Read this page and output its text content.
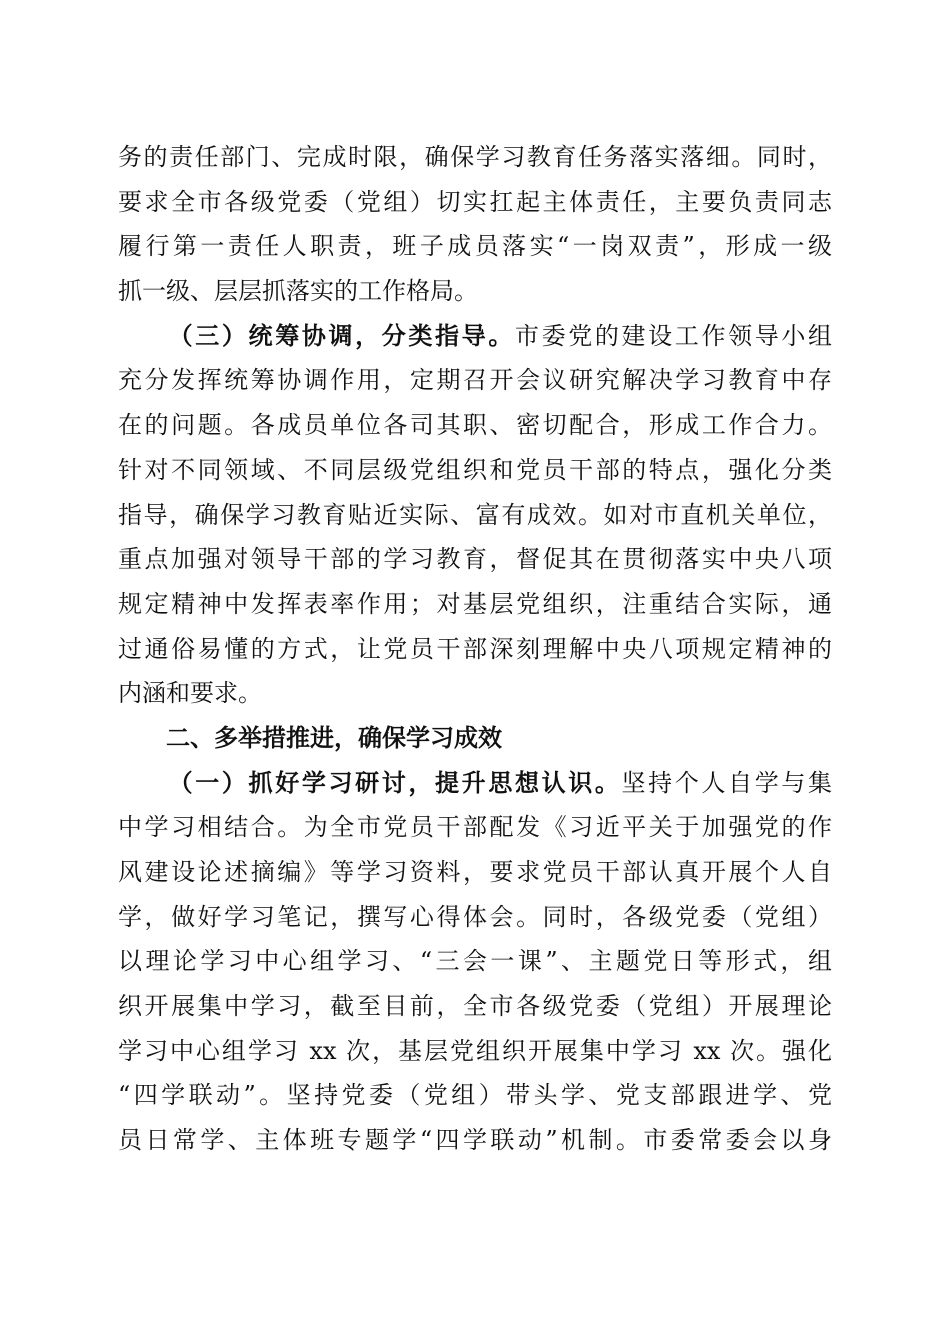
务的责任部门、完成时限，确保学习教育任务落实落细。同时，
要求全市各级党委（党组）切实扛起主体责任，主要负责同志
履行第一责任人职责，班子成员落实“一岗双责”，形成一级
抓一级、层层抓落实的工作格局。
（三）统筹协调，分类指导。市委党的建设工作领导小组
充分发挥统筹协调作用，定期召开会议研究解决学习教育中存
在的问题。各成员单位各司其职、密切配合，形成工作合力。
针对不同领域、不同层级党组织和党员干部的特点，强化分类
指导，确保学习教育贴近实际、富有成效。如对市直机关单位，
重点加强对领导干部的学习教育，督促其在贯彻落实中央八项
规定精神中发挥表率作用；对基层党组织，注重结合实际，通
过通俗易懂的方式，让党员干部深刻理解中央八项规定精神的
内涵和要求。
二、多举措推进，确保学习成效
（一）抓好学习研讨，提升思想认识。坚持个人自学与集
中学习相结合。为全市党员干部配发《习近平关于加强党的作
风建设论述摘编》等学习资料，要求党员干部认真开展个人自
学，做好学习笔记，撰写心得体会。同时，各级党委（党组）
以理论学习中心组学习、“三会一课”、主题党日等形式，组
织开展集中学习，截至目前，全市各级党委（党组）开展理论
学习中心组学习 xx 次，基层党组织开展集中学习 xx 次。强化
“四学联动”。坚持党委（党组）带头学、党支部跟进学、党
员日常学、主体班专题学“四学联动”机制。市委常委会以身
